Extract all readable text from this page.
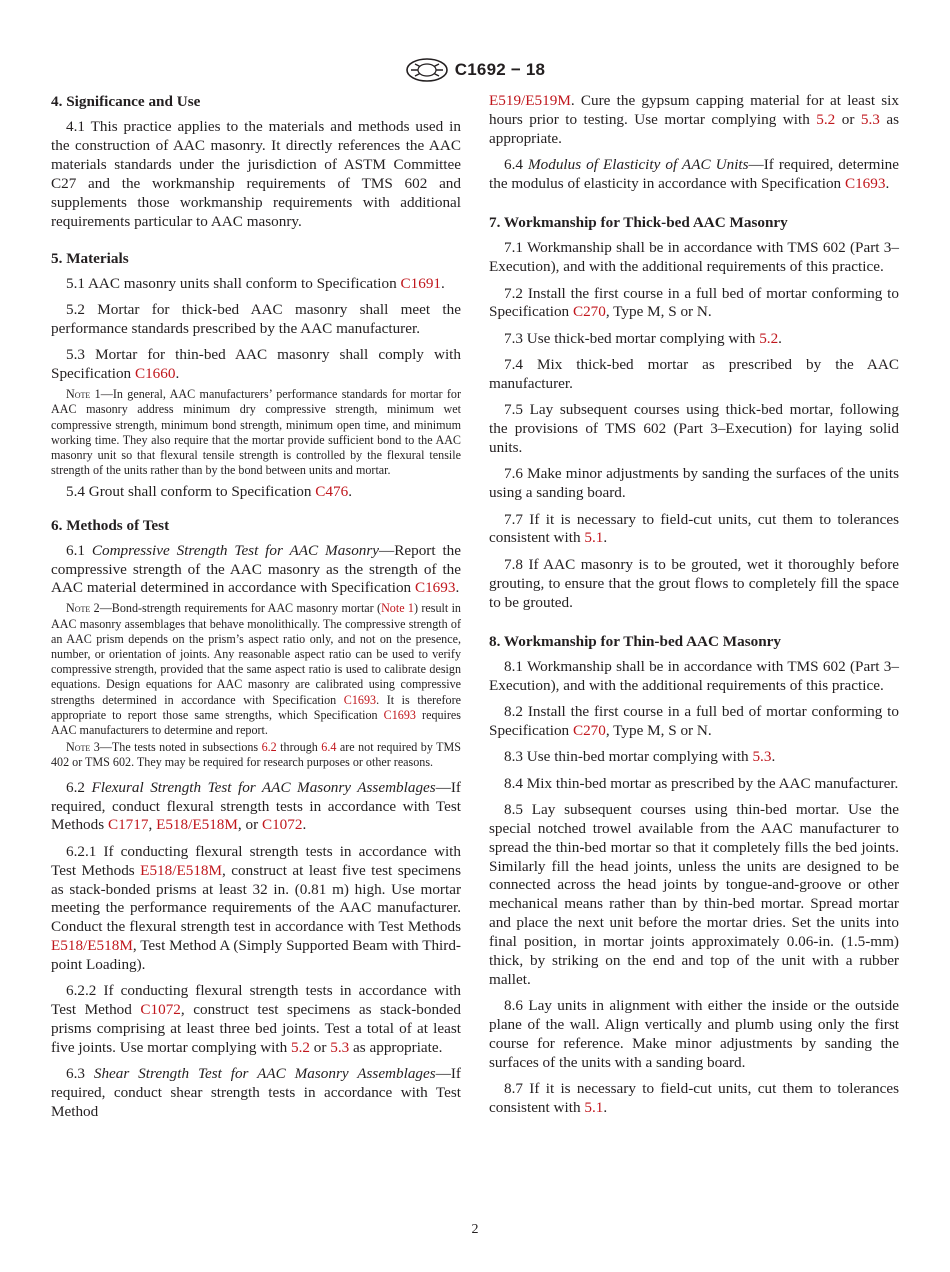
C1692 − 18
4. Significance and Use

4.1 This practice applies to the materials and methods used in the construction of AAC masonry. It directly references the AAC materials standards under the jurisdiction of ASTM Committee C27 and the workmanship requirements of TMS 602 and supplements those workmanship requirements with additional requirements particular to AAC masonry.

5. Materials

5.1 AAC masonry units shall conform to Specification C1691.

5.2 Mortar for thick-bed AAC masonry shall meet the performance standards prescribed by the AAC manufacturer.

5.3 Mortar for thin-bed AAC masonry shall comply with Specification C1660.

Note 1—In general, AAC manufacturers’ performance standards for mortar for AAC masonry address minimum dry compressive strength, minimum wet compressive strength, minimum bond strength, minimum open time, and minimum working time. They also require that the mortar provide sufficient bond to the AAC masonry unit so that flexural tensile strength is controlled by the flexural tensile strength of the units rather than by the bond between units and mortar.

5.4 Grout shall conform to Specification C476.

6. Methods of Test

6.1 Compressive Strength Test for AAC Masonry—Report the compressive strength of the AAC masonry as the strength of the AAC material determined in accordance with Specification C1693.

Note 2—Bond-strength requirements for AAC masonry mortar (Note 1) result in AAC masonry assemblages that behave monolithically. The compressive strength of an AAC prism depends on the prism’s aspect ratio only, and not on the presence, number, or orientation of joints. Any reasonable aspect ratio can be used to verify compressive strength, provided that the same aspect ratio is used to calibrate design equations. Design equations for AAC masonry are calibrated using compressive strengths determined in accordance with Specification C1693. It is therefore appropriate to report those same strengths, which Specification C1693 requires AAC manufacturers to determine and report.

Note 3—The tests noted in subsections 6.2 through 6.4 are not required by TMS 402 or TMS 602. They may be required for research purposes or other reasons.

6.2 Flexural Strength Test for AAC Masonry Assemblages—If required, conduct flexural strength tests in accordance with Test Methods C1717, E518/E518M, or C1072.

6.2.1 If conducting flexural strength tests in accordance with Test Methods E518/E518M, construct at least five test specimens as stack-bonded prisms at least 32 in. (0.81 m) high. Use mortar meeting the performance requirements of the AAC manufacturer. Conduct the flexural strength test in accordance with Test Methods E518/E518M, Test Method A (Simply Supported Beam with Third-point Loading).

6.2.2 If conducting flexural strength tests in accordance with Test Method C1072, construct test specimens as stack-bonded prisms comprising at least three bed joints. Test a total of at least five joints. Use mortar complying with 5.2 or 5.3 as appropriate.

6.3 Shear Strength Test for AAC Masonry Assemblages—If required, conduct shear strength tests in accordance with Test Method

E519/E519M. Cure the gypsum capping material for at least six hours prior to testing. Use mortar complying with 5.2 or 5.3 as appropriate.

6.4 Modulus of Elasticity of AAC Units—If required, determine the modulus of elasticity in accordance with Specification C1693.

7. Workmanship for Thick-bed AAC Masonry

7.1 Workmanship shall be in accordance with TMS 602 (Part 3–Execution), and with the additional requirements of this practice.

7.2 Install the first course in a full bed of mortar conforming to Specification C270, Type M, S or N.

7.3 Use thick-bed mortar complying with 5.2.

7.4 Mix thick-bed mortar as prescribed by the AAC manufacturer.

7.5 Lay subsequent courses using thick-bed mortar, following the provisions of TMS 602 (Part 3–Execution) for laying solid units.

7.6 Make minor adjustments by sanding the surfaces of the units using a sanding board.

7.7 If it is necessary to field-cut units, cut them to tolerances consistent with 5.1.

7.8 If AAC masonry is to be grouted, wet it thoroughly before grouting, to ensure that the grout flows to completely fill the space to be grouted.

8. Workmanship for Thin-bed AAC Masonry

8.1 Workmanship shall be in accordance with TMS 602 (Part 3–Execution), and with the additional requirements of this practice.

8.2 Install the first course in a full bed of mortar conforming to Specification C270, Type M, S or N.

8.3 Use thin-bed mortar complying with 5.3.

8.4 Mix thin-bed mortar as prescribed by the AAC manufacturer.

8.5 Lay subsequent courses using thin-bed mortar. Use the special notched trowel available from the AAC manufacturer to spread the thin-bed mortar so that it completely fills the bed joints. Similarly fill the head joints, unless the units are designed to be connected across the head joints by tongue-and-groove or other mechanical means rather than by thin-bed mortar. Spread mortar and place the next unit before the mortar dries. Set the units into final position, in mortar joints approximately 0.06-in. (1.5-mm) thick, by striking on the end and top of the unit with a rubber mallet.

8.6 Lay units in alignment with either the inside or the outside plane of the wall. Align vertically and plumb using only the first course for reference. Make minor adjustments by sanding the surfaces of the units with a sanding board.

8.7 If it is necessary to field-cut units, cut them to tolerances consistent with 5.1.

2
